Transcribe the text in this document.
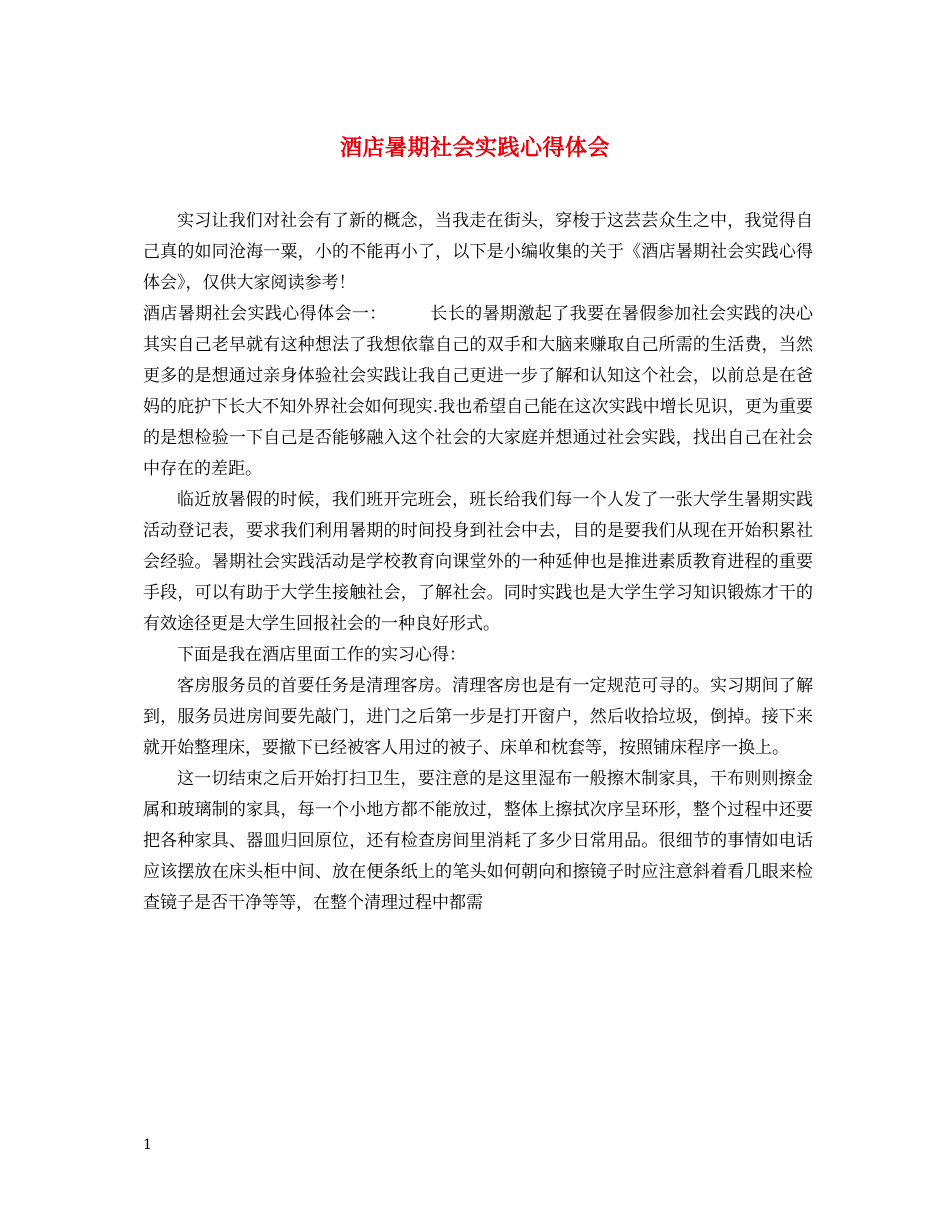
酒店暑期社会实践心得体会

实习让我们对社会有了新的概念，当我走在街头，穿梭于这芸芸众生之中，我觉得自己真的如同沧海一粟，小的不能再小了，以下是小编收集的关于《酒店暑期社会实践心得体会》，仅供大家阅读参考！

酒店暑期社会实践心得体会一：　　　长长的暑期激起了我要在暑假参加社会实践的决心其实自己老早就有这种想法了我想依靠自己的双手和大脑来赚取自己所需的生活费，当然更多的是想通过亲身体验社会实践让我自己更进一步了解和认知这个社会，以前总是在爸妈的庇护下长大不知外界社会如何现实.我也希望自己能在这次实践中增长见识，更为重要的是想检验一下自己是否能够融入这个社会的大家庭并想通过社会实践，找出自己在社会中存在的差距。

临近放暑假的时候，我们班开完班会，班长给我们每一个人发了一张大学生暑期实践活动登记表，要求我们利用暑期的时间投身到社会中去，目的是要我们从现在开始积累社会经验。暑期社会实践活动是学校教育向课堂外的一种延伸也是推进素质教育进程的重要手段，可以有助于大学生接触社会，了解社会。同时实践也是大学生学习知识锻炼才干的有效途径更是大学生回报社会的一种良好形式。

下面是我在酒店里面工作的实习心得：

客房服务员的首要任务是清理客房。清理客房也是有一定规范可寻的。实习期间了解到，服务员进房间要先敲门，进门之后第一步是打开窗户，然后收拾垃圾，倒掉。接下来就开始整理床，要撤下已经被客人用过的被子、床单和枕套等，按照铺床程序一换上。

这一切结束之后开始打扫卫生，要注意的是这里湿布一般擦木制家具，干布则则擦金属和玻璃制的家具，每一个小地方都不能放过，整体上擦拭次序呈环形，整个过程中还要把各种家具、器皿归回原位，还有检查房间里消耗了多少日常用品。很细节的事情如电话应该摆放在床头柜中间、放在便条纸上的笔头如何朝向和擦镜子时应注意斜着看几眼来检查镜子是否干净等等，在整个清理过程中都需

1
